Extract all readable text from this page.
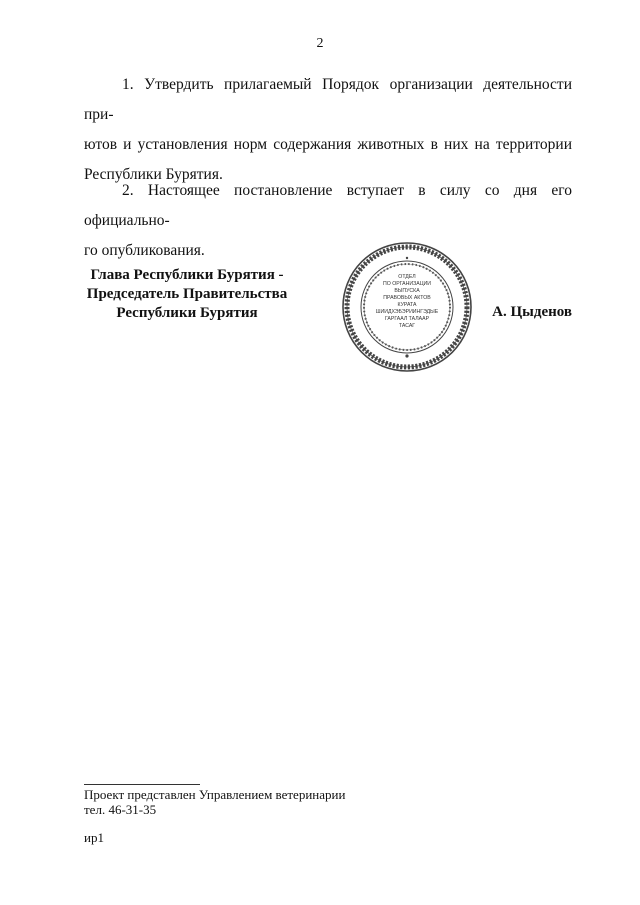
2
1. Утвердить прилагаемый Порядок организации деятельности при-
ютов и установления норм содержания животных в них на территории
Республики Бурятия.
2. Настоящее постановление вступает в силу со дня его официально-
го опубликования.
Глава Республики Бурятия -
Председатель Правительства
Республики Бурятия
ОТДЕЛ
ПО ОРГАНИЗАЦИИ
ВЫПУСКА
ПРАВОВЫХ АКТОВ
КУРАТА
ШИИДХЭБЭРИИНГЭДЫЕ
ГАРГААЛ ТАЛААР
ТАСАГ
А. Цыденов
Проект представлен Управлением ветеринарии
тел. 46-31-35
ир1
